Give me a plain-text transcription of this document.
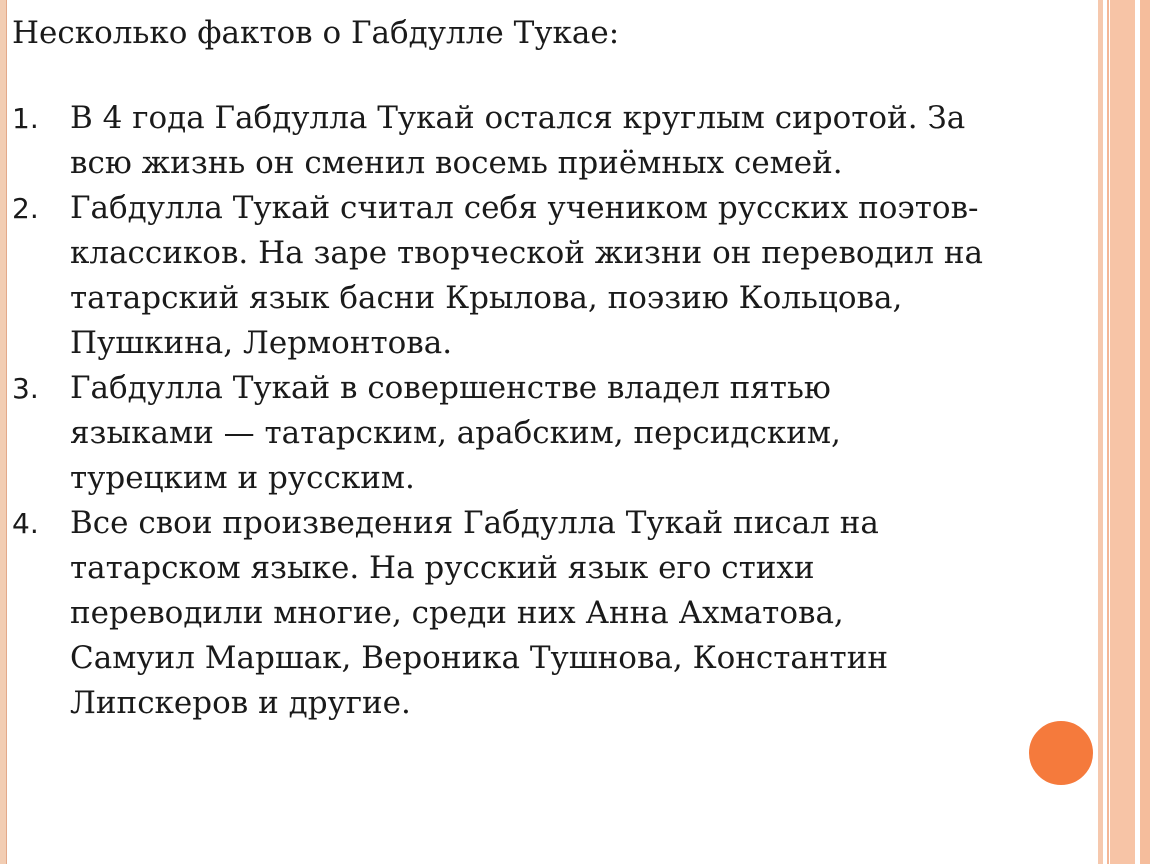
Несколько фактов о Габдулле Тукае:

1. В 4 года Габдулла Тукай остался круглым сиротой. За
всю жизнь он сменил восемь приёмных семей.
2. Габдулла Тукай считал себя учеником русских поэтов-
классиков. На заре творческой жизни он переводил на
татарский язык басни Крылова, поэзию Кольцова,
Пушкина, Лермонтова.
3. Габдулла Тукай в совершенстве владел пятью
языками — татарским, арабским, персидским,
турецким и русским.
4. Все свои произведения Габдулла Тукай писал на
татарском языке. На русский язык его стихи
переводили многие, среди них Анна Ахматова,
Самуил Маршак, Вероника Тушнова, Константин
Липскеров и другие.
